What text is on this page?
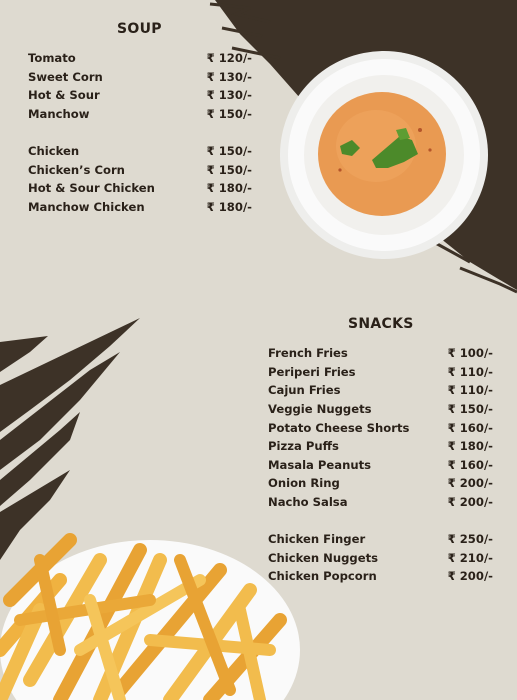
SOUP
Tomato	₹ 120/-
Sweet Corn	₹ 130/-
Hot & Sour	₹ 130/-
Manchow	₹ 150/-
Chicken	₹ 150/-
Chicken’s Corn	₹ 150/-
Hot & Sour Chicken	₹ 180/-
Manchow Chicken	₹ 180/-
SNACKS
French Fries	₹ 100/-
Periperi Fries	₹ 110/-
Cajun Fries	₹ 110/-
Veggie Nuggets	₹ 150/-
Potato Cheese Shorts	₹ 160/-
Pizza Puffs	₹ 180/-
Masala Peanuts	₹ 160/-
Onion Ring	₹ 200/-
Nacho Salsa	₹ 200/-
Chicken Finger	₹ 250/-
Chicken Nuggets	₹ 210/-
Chicken Popcorn	₹ 200/-
